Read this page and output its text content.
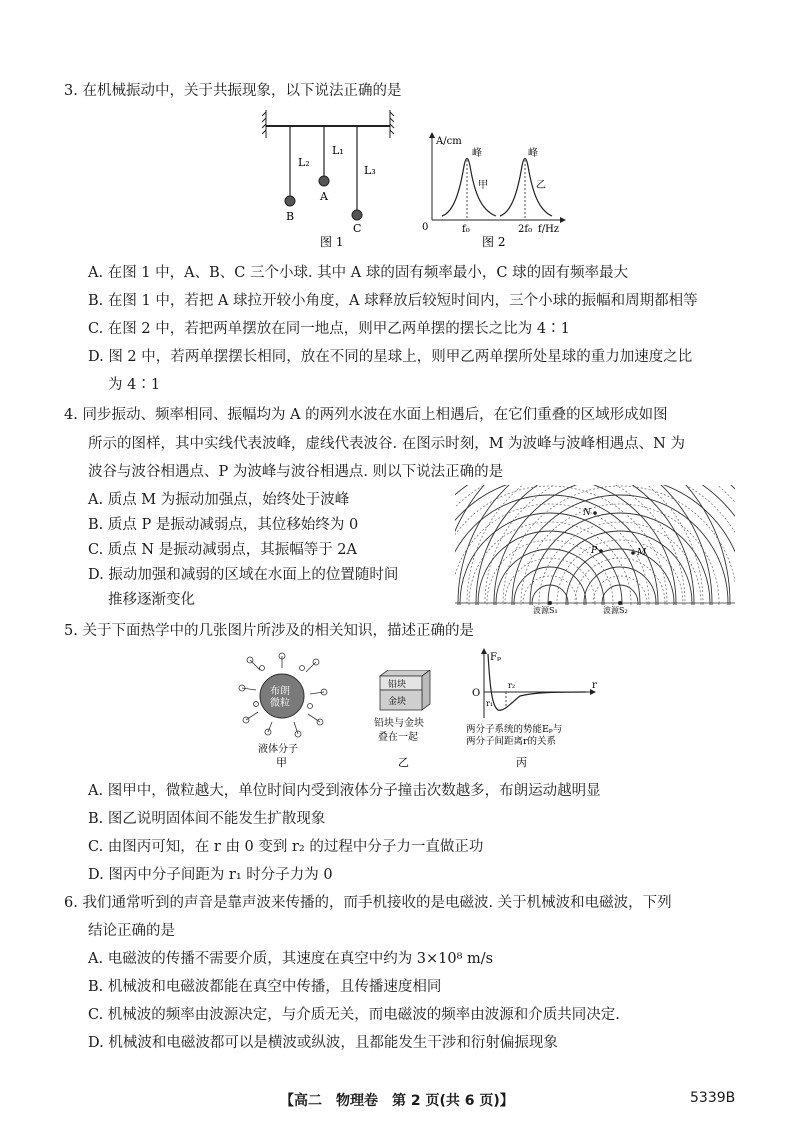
3. 在机械振动中，关于共振现象，以下说法正确的是
L₂
L₁
L₃
A
B
C
图 1
A/cm
峰	峰
甲	乙
0	f₀	2f₀ f/Hz
图 2
A. 在图 1 中，A、B、C 三个小球. 其中 A 球的固有频率最小，C 球的固有频率最大
B. 在图 1 中，若把 A 球拉开较小角度，A 球释放后较短时间内，三个小球的振幅和周期都相等
C. 在图 2 中，若把两单摆放在同一地点，则甲乙两单摆的摆长之比为 4∶1
D. 图 2 中，若两单摆摆长相同，放在不同的星球上，则甲乙两单摆所处星球的重力加速度之比
为 4∶1
4. 同步振动、频率相同、振幅均为 A 的两列水波在水面上相遇后，在它们重叠的区域形成如图
所示的图样，其中实线代表波峰，虚线代表波谷. 在图示时刻，M 为波峰与波峰相遇点、N 为
波谷与波谷相遇点、P 为波峰与波谷相遇点. 则以下说法正确的是
A. 质点 M 为振动加强点，始终处于波峰
B. 质点 P 是振动减弱点，其位移始终为 0
C. 质点 N 是振动减弱点，其振幅等于 2A
D. 振动加强和减弱的区域在水面上的位置随时间
推移逐渐变化
N
P	M
波源S₁	波源S₂
5. 关于下面热学中的几张图片所涉及的相关知识，描述正确的是
布朗
微粒
液体分子
甲
铅块
金块
铅块与金块
叠在一起
乙
Fₚ
O
r₁
r₂	r
两分子系统的势能Eₚ与
两分子间距离r的关系
丙
A. 图甲中，微粒越大，单位时间内受到液体分子撞击次数越多，布朗运动越明显
B. 图乙说明固体间不能发生扩散现象
C. 由图丙可知，在 r 由 0 变到 r₂ 的过程中分子力一直做正功
D. 图丙中分子间距为 r₁ 时分子力为 0
6. 我们通常听到的声音是靠声波来传播的，而手机接收的是电磁波. 关于机械波和电磁波，下列
结论正确的是
A. 电磁波的传播不需要介质，其速度在真空中约为 3×10⁸ m/s
B. 机械波和电磁波都能在真空中传播，且传播速度相同
C. 机械波的频率由波源决定，与介质无关，而电磁波的频率由波源和介质共同决定.
D. 机械波和电磁波都可以是横波或纵波，且都能发生干涉和衍射偏振现象
【高二　物理卷　第 2 页(共 6 页)】	5339B
